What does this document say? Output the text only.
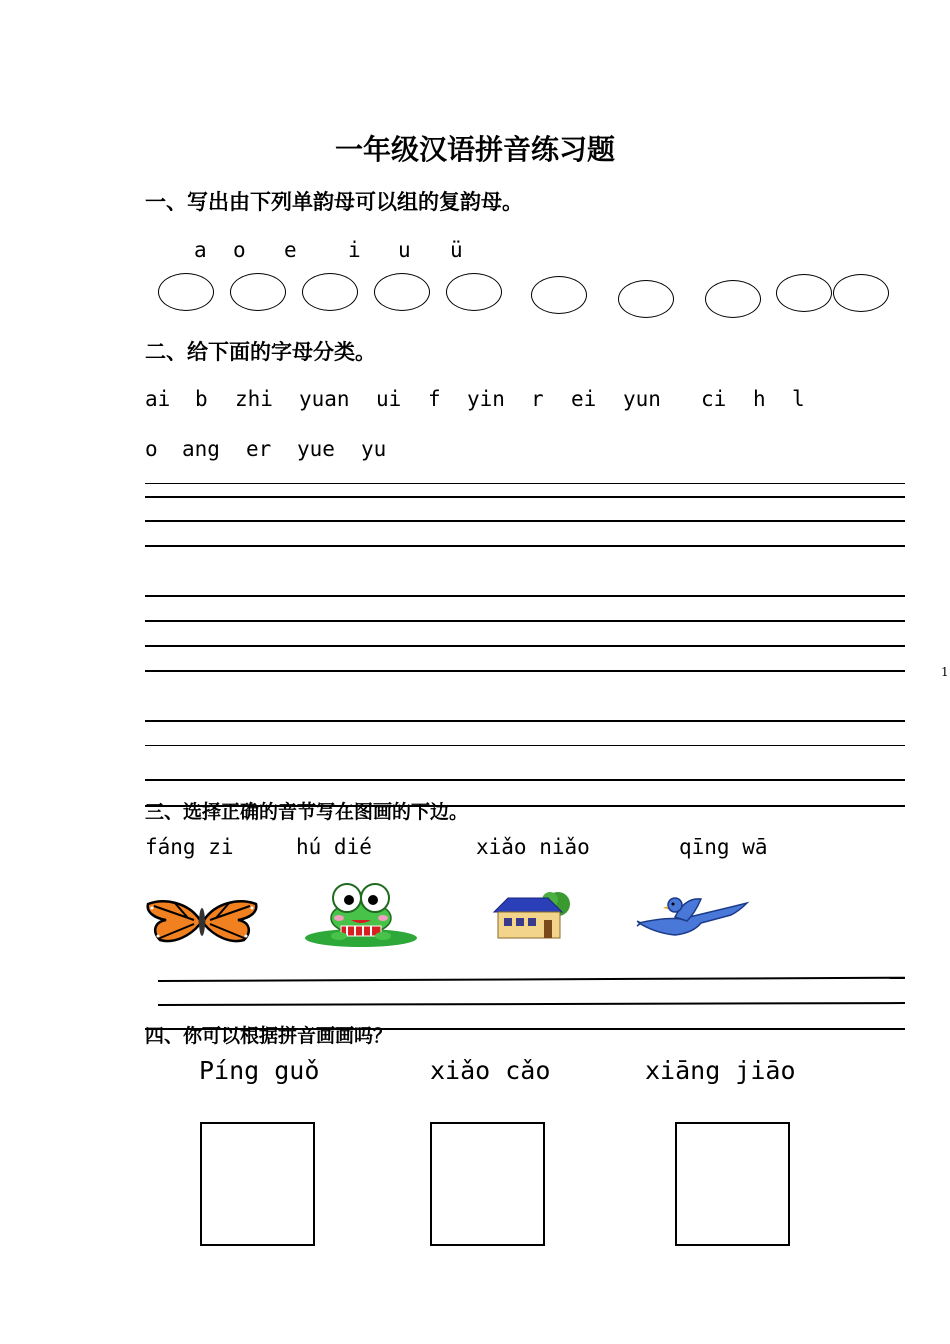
一年级汉语拼音练习题
一、写出由下列单韵母可以组的复韵母。
a o e i u ü
二、给下面的字母分类。
ai b zhi yuan ui f yin r ei yun ci h l
o ang er yue yu
1
三、选择正确的音节写在图画的下边。
fáng zi	hú dié	xiǎo niǎo	qīng wā
四、你可以根据拼音画画吗？
Píng guǒ	xiǎo cǎo	xiāng jiāo
